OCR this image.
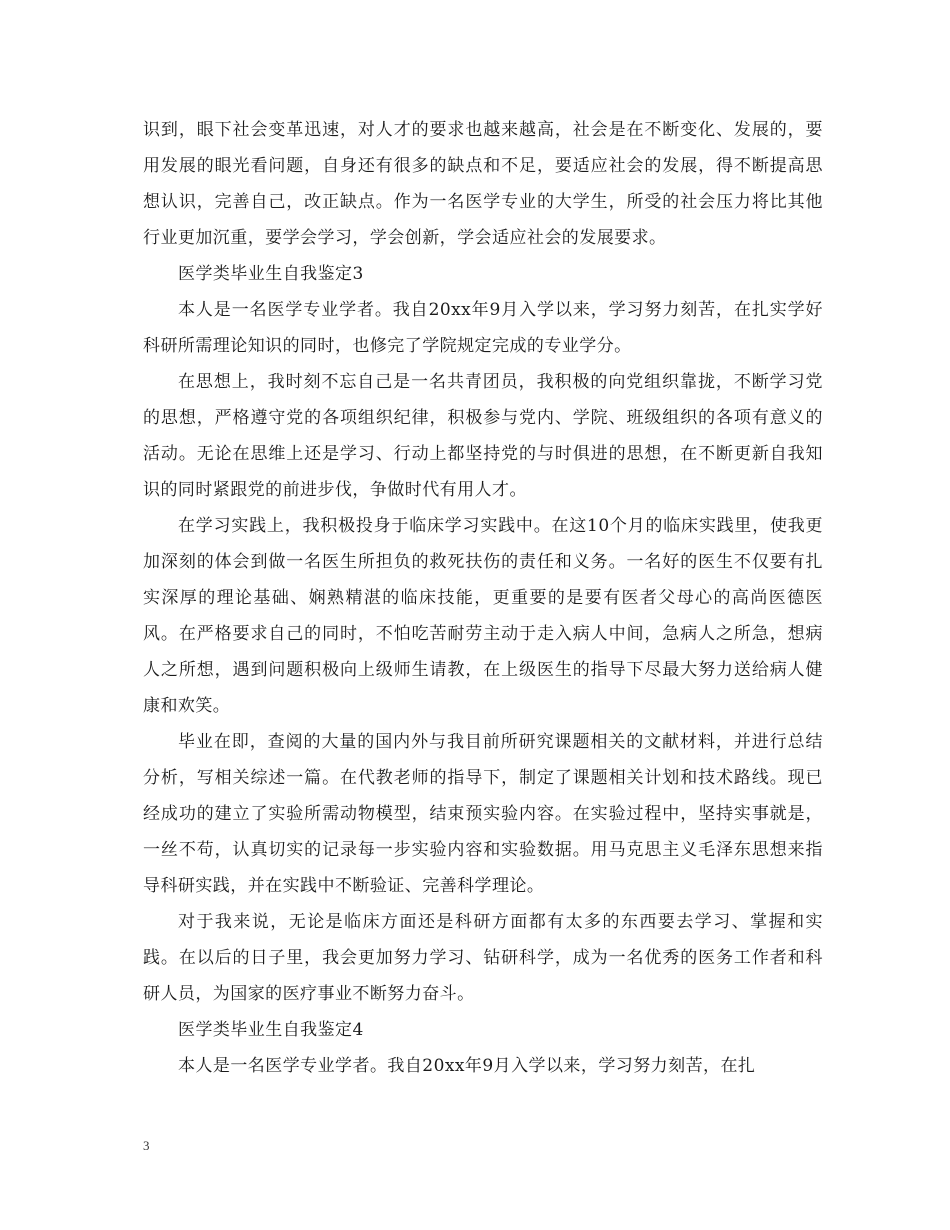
识到，眼下社会变革迅速，对人才的要求也越来越高，社会是在不断变化、发展的，要用发展的眼光看问题，自身还有很多的缺点和不足，要适应社会的发展，得不断提高思想认识，完善自己，改正缺点。作为一名医学专业的大学生，所受的社会压力将比其他行业更加沉重，要学会学习，学会创新，学会适应社会的发展要求。

医学类毕业生自我鉴定3

本人是一名医学专业学者。我自20xx年9月入学以来，学习努力刻苦，在扎实学好科研所需理论知识的同时，也修完了学院规定完成的专业学分。

在思想上，我时刻不忘自己是一名共青团员，我积极的向党组织靠拢，不断学习党的思想，严格遵守党的各项组织纪律，积极参与党内、学院、班级组织的各项有意义的活动。无论在思维上还是学习、行动上都坚持党的与时俱进的思想，在不断更新自我知识的同时紧跟党的前进步伐，争做时代有用人才。

在学习实践上，我积极投身于临床学习实践中。在这10个月的临床实践里，使我更加深刻的体会到做一名医生所担负的救死扶伤的责任和义务。一名好的医生不仅要有扎实深厚的理论基础、娴熟精湛的临床技能，更重要的是要有医者父母心的高尚医德医风。在严格要求自己的同时，不怕吃苦耐劳主动于走入病人中间，急病人之所急，想病人之所想，遇到问题积极向上级师生请教，在上级医生的指导下尽最大努力送给病人健康和欢笑。

毕业在即，查阅的大量的国内外与我目前所研究课题相关的文献材料，并进行总结分析，写相关综述一篇。在代教老师的指导下，制定了课题相关计划和技术路线。现已经成功的建立了实验所需动物模型，结束预实验内容。在实验过程中，坚持实事就是，一丝不苟，认真切实的记录每一步实验内容和实验数据。用马克思主义毛泽东思想来指导科研实践，并在实践中不断验证、完善科学理论。

对于我来说，无论是临床方面还是科研方面都有太多的东西要去学习、掌握和实践。在以后的日子里，我会更加努力学习、钻研科学，成为一名优秀的医务工作者和科研人员，为国家的医疗事业不断努力奋斗。

医学类毕业生自我鉴定4

本人是一名医学专业学者。我自20xx年9月入学以来，学习努力刻苦，在扎

3
